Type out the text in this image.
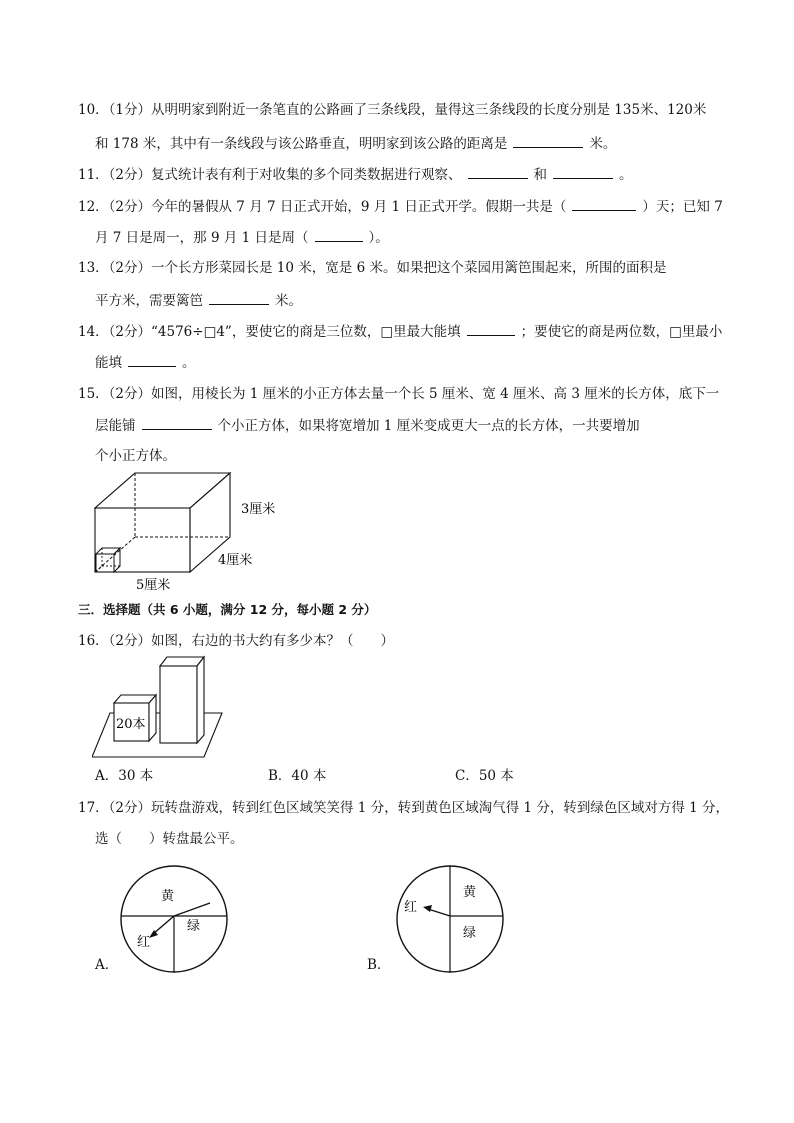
10．（1分）从明明家到附近一条笔直的公路画了三条线段，量得这三条线段的长度分别是 135米、120米
和 178 米，其中有一条线段与该公路垂直，明明家到该公路的距离是	米。
11．（2分）复式统计表有利于对收集的多个同类数据进行观察、	和	。
12．（2分）今年的暑假从 7 月 7 日正式开始，9 月 1 日正式开学。假期一共是（	）天；已知 7
月 7 日是周一，那 9 月 1 日是周（	）。
13．（2分）一个长方形菜园长是 10 米，宽是 6 米。如果把这个菜园用篱笆围起来，所围的面积是
平方米，需要篱笆	米。
14．（2分）“4576÷□4”，要使它的商是三位数，□里最大能填	；要使它的商是两位数，□里最小
能填	。
15．（2分）如图，用棱长为 1 厘米的小正方体去量一个长 5 厘米、宽 4 厘米、高 3 厘米的长方体，底下一
层能铺	个小正方体，如果将宽增加 1 厘米变成更大一点的长方体，一共要增加
个小正方体。
3厘米
4厘米
5厘米
三．选择题（共 6 小题，满分 12 分，每小题 2 分）
16．（2分）如图，右边的书大约有多少本？（　　）
20本
A．30 本	B．40 本	C．50 本
17．（2分）玩转盘游戏，转到红色区域笑笑得 1 分，转到黄色区域淘气得 1 分，转到绿色区域对方得 1 分，
选（　　）转盘最公平。
A．
黄
绿
红
B．
黄
绿
红
